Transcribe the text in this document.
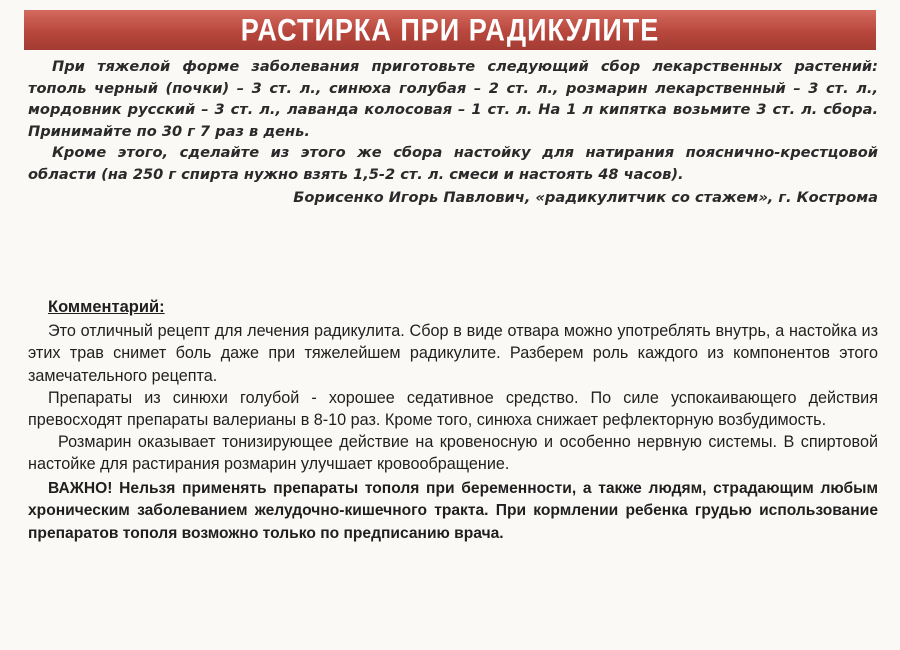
РАСТИРКА ПРИ РАДИКУЛИТЕ

При тяжелой форме заболевания приготовьте следующий сбор лекарственных растений: тополь черный (почки) – 3 ст. л., синюха голубая – 2 ст. л., розмарин лекарственный – 3 ст. л., мордовник русский – 3 ст. л., лаванда колосовая – 1 ст. л. На 1 л кипятка возьмите 3 ст. л. сбора. Принимайте по 30 г 7 раз в день.

Кроме этого, сделайте из этого же сбора настойку для натирания пояснично-крестцовой области (на 250 г спирта нужно взять 1,5-2 ст. л. смеси и настоять 48 часов).

Борисенко Игорь Павлович, «радикулитчик со стажем», г. Кострома

Комментарий:

Это отличный рецепт для лечения радикулита. Сбор в виде отвара можно употреблять внутрь, а настойка из этих трав снимет боль даже при тяжелейшем радикулите. Разберем роль каждого из компонентов этого замечательного рецепта.

Препараты из синюхи голубой - хорошее седативное средство. По силе успокаивающего действия превосходят препараты валерианы в 8-10 раз. Кроме того, синюха снижает рефлекторную возбудимость.

Розмарин оказывает тонизирующее действие на кровеносную и особенно нервную системы. В спиртовой настойке для растирания розмарин улучшает кровообращение.

ВАЖНО! Нельзя применять препараты тополя при беременности, а также людям, страдающим любым хроническим заболеванием желудочно-кишечного тракта. При кормлении ребенка грудью использование препаратов тополя возможно только по предписанию врача.
